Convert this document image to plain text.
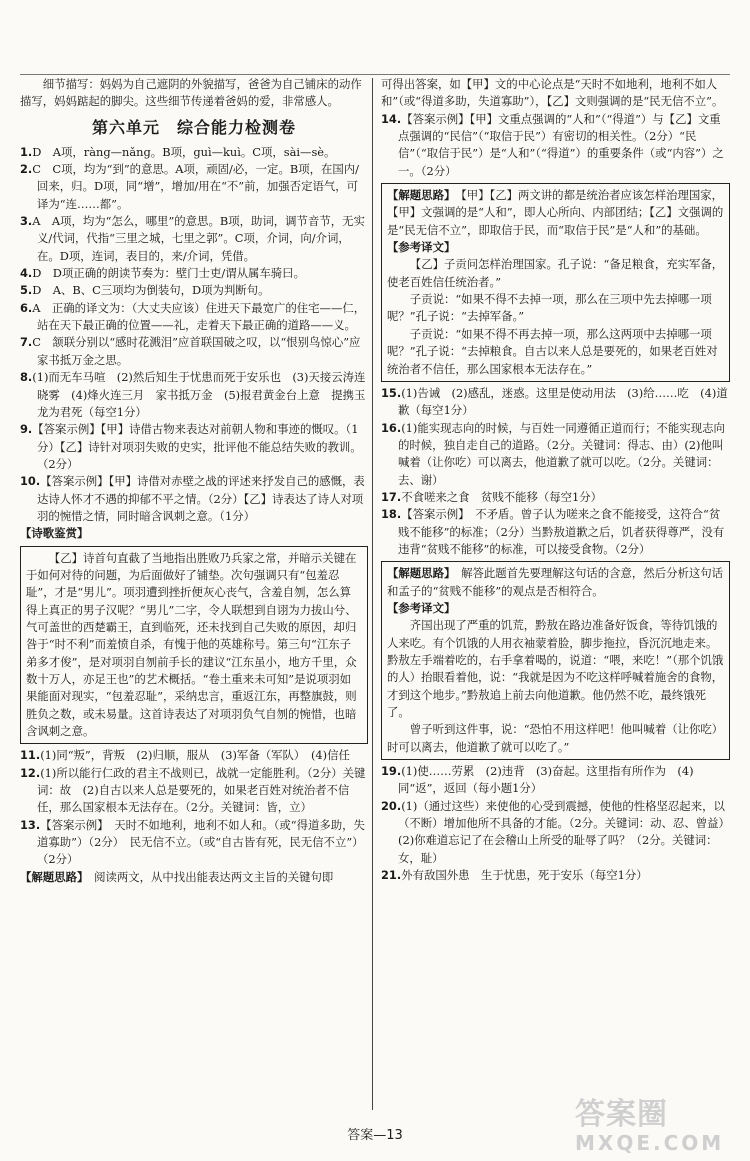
细节描写：妈妈为自己遮阴的外貌描写，爸爸为自己铺床的动作描写，妈妈踮起的脚尖。这些细节传递着爸妈的爱，非常感人。

第六单元　综合能力检测卷

1.D　A项，ràng—nǎng。B项，guì—kuì。C项，sài—sè。

2.C　C项，均为“到”的意思。A项，顽固/必，一定。B项，在国内/回来，归。D项，同“增”，增加/用在“不”前，加强否定语气，可译为“连……都”。

3.A　A项，均为“怎么，哪里”的意思。B项，助词，调节音节，无实义/代词，代指“三里之城，七里之郭”。C项，介词，向/介词，在。D项，连词，表目的，来/介词，凭借。

4.D　D项正确的朗读节奏为：壁门士吏/谓从属车骑曰。

5.D　A、B、C三项均为倒装句，D项为判断句。

6.A　正确的译文为：（大丈夫应该）住进天下最宽广的住宅——仁，站在天下最正确的位置——礼，走着天下最正确的道路——义。

7.C　颔联分别以“感时花溅泪”应首联国破之叹，以“恨别鸟惊心”应家书抵万金之思。

8.(1)而无车马喧　(2)然后知生于忧患而死于安乐也　(3)天接云涛连晓雾　(4)烽火连三月　家书抵万金　(5)报君黄金台上意　提携玉龙为君死（每空1分）

9.【答案示例】【甲】诗借古物来表达对前朝人物和事迹的慨叹。（1分）【乙】诗针对项羽失败的史实，批评他不能总结失败的教训。（2分）

10.【答案示例】【甲】诗借对赤壁之战的评述来抒发自己的感慨，表达诗人怀才不遇的抑郁不平之情。（2分）【乙】诗表达了诗人对项羽的惋惜之情，同时暗含讽刺之意。（1分）

【诗歌鉴赏】

【乙】诗首句直截了当地指出胜败乃兵家之常，并暗示关键在于如何对待的问题，为后面做好了铺垫。次句强调只有“包羞忍耻”，才是“男儿”。项羽遭到挫折便灰心丧气，含羞自刎，怎么算得上真正的男子汉呢？“男儿”二字，令人联想到自诩为力拔山兮、气可盖世的西楚霸王，直到临死，还未找到自己失败的原因，却归咎于“时不利”而羞愤自杀，有愧于他的英雄称号。第三句“江东子弟多才俊”，是对项羽自刎前手长的建议“江东虽小，地方千里，众数十万人，亦足王也”的艺术概括。“卷土重来未可知”是说项羽如果能面对现实，“包羞忍耻”，采纳忠言，重返江东，再整旗鼓，则胜负之数，或未易量。这首诗表达了对项羽负气自刎的惋惜，也暗含讽刺之意。

11.(1)同“叛”，背叛　(2)归顺，服从　(3)军备（军队）　(4)信任

12.(1)所以能行仁政的君主不战则已，战就一定能胜利。（2分）关键词：故　(2)自古以来人总是要死的，如果老百姓对统治者不信任，那么国家根本无法存在。（2分。关键词：皆，立）

13.【答案示例】　天时不如地利，地利不如人和。（或“得道多助，失道寡助”）（2分）　民无信不立。（或“自古皆有死，民无信不立”）（2分）

【解题思路】　 阅读两文，从中找出能表达两文主旨的关键句即

可得出答案，如【甲】文的中心论点是“天时不如地利，地利不如人和”（或“得道多助，失道寡助”），【乙】文则强调的是“民无信不立”。

14.【答案示例】【甲】文重点强调的“人和”（“得道”）与【乙】文重点强调的“民信”（“取信于民”）有密切的相关性。（2分）“民信”（“取信于民”）是“人和”（“得道”）的重要条件（或“内容”）之一。（2分）

【解题思路】　 【甲】【乙】两文讲的都是统治者应该怎样治理国家，【甲】文强调的是“人和”，即人心所向、内部团结；【乙】文强调的是“民无信不立”，即取信于民，而“取信于民”是“人和”的基础。

【参考译文】

【乙】子贡问怎样治理国家。孔子说：“备足粮食，充实军备，使老百姓信任统治者。”

子贡说：“如果不得不去掉一项，那么在三项中先去掉哪一项呢？”孔子说：“去掉军备。”

子贡说：“如果不得不再去掉一项，那么这两项中去掉哪一项呢？”孔子说：“去掉粮食。自古以来人总是要死的，如果老百姓对统治者不信任，那么国家根本无法存在。”

15.(1)告诫　(2)感乱，迷惑。这里是使动用法　(3)给……吃　(4)道歉（每空1分）

16.(1)能实现志向的时候，与百姓一同遵循正道而行；不能实现志向的时候，独自走自己的道路。（2分。关键词：得志、由）(2)他叫喊着（让你吃）可以离去，他道歉了就可以吃。（2分。关键词：去、谢）

17.不食嗟来之食　贫贱不能移（每空1分）

18.【答案示例】　不矛盾。曾子认为嗟来之食不能接受，这符合“贫贱不能移”的标准；（2分）当黔敖道歉之后，饥者获得尊严，没有违背“贫贱不能移”的标准，可以接受食物。（2分）

【解题思路】　 解答此题首先要理解这句话的含意，然后分析这句话和孟子的“贫贱不能移”的观点是否相符合。

【参考译文】

齐国出现了严重的饥荒，黔敖在路边准备好饭食，等待饥饿的人来吃。有个饥饿的人用衣袖蒙着脸，脚步拖拉，昏沉沉地走来。黔敖左手端着吃的，右手拿着喝的，说道：“喂，来吃！”（那个饥饿的人）抬眼看着他，说：“我就是因为不吃这样呼喊着施舍的食物，才到这个地步。”黔敖追上前去向他道歉。他仍然不吃，最终饿死了。

曾子听到这件事，说：“恐怕不用这样吧！他叫喊着（让你吃）时可以离去，他道歉了就可以吃了。”

19.(1)使……劳累　(2)违背　(3)奋起。这里指有所作为　(4)同“返”，返回（每小题1分）

20.(1)（通过这些）来使他的心受到震撼，使他的性格坚忍起来，以（不断）增加他所不具备的才能。（2分。关键词：动、忍、曾益）(2)你难道忘记了在会稽山上所受的耻辱了吗？（2分。关键词：女，耻）

21.外有敌国外患　生于忧患，死于安乐（每空1分）

答案—13
答案圈
MXQE.COM
